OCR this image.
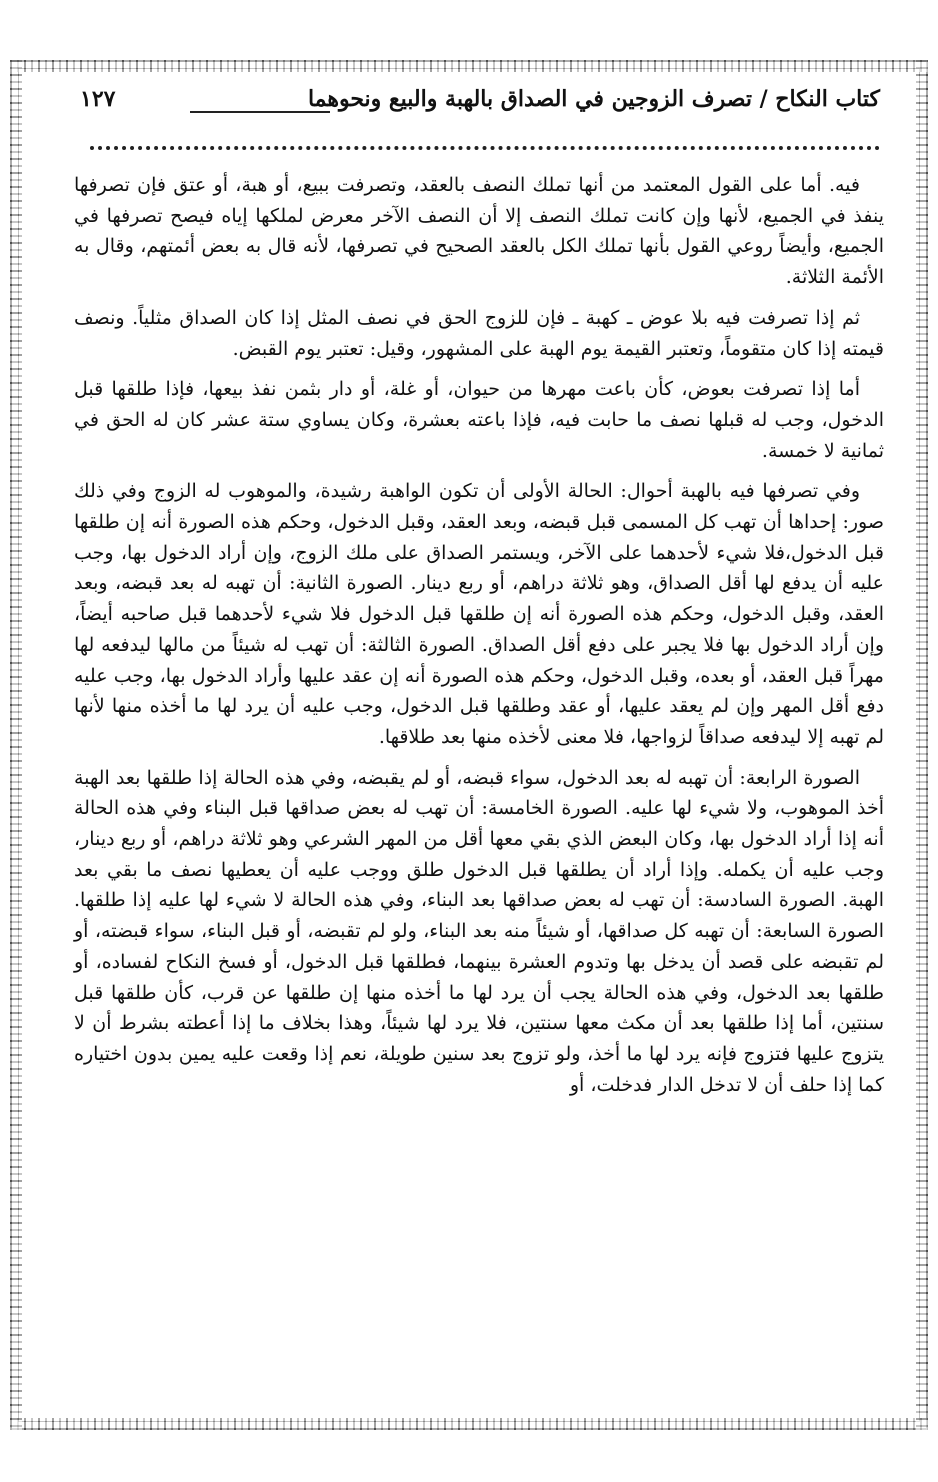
كتاب النكاح / تصرف الزوجين في الصداق بالهبة والبيع ونحوهما
١٢٧

فيه. أما على القول المعتمد من أنها تملك النصف بالعقد، وتصرفت ببيع، أو هبة، أو عتق فإن تصرفها ينفذ في الجميع، لأنها وإن كانت تملك النصف إلا أن النصف الآخر معرض لملكها إياه فيصح تصرفها في الجميع، وأيضاً روعي القول بأنها تملك الكل بالعقد الصحيح في تصرفها، لأنه قال به بعض أئمتهم، وقال به الأئمة الثلاثة.

ثم إذا تصرفت فيه بلا عوض ـ كهبة ـ فإن للزوج الحق في نصف المثل إذا كان الصداق مثلياً. ونصف قيمته إذا كان متقوماً، وتعتبر القيمة يوم الهبة على المشهور، وقيل: تعتبر يوم القبض.

أما إذا تصرفت بعوض، كأن باعت مهرها من حيوان، أو غلة، أو دار بثمن نفذ بيعها، فإذا طلقها قبل الدخول، وجب له قبلها نصف ما حابت فيه، فإذا باعته بعشرة، وكان يساوي ستة عشر كان له الحق في ثمانية لا خمسة.

وفي تصرفها فيه بالهبة أحوال: الحالة الأولى أن تكون الواهبة رشيدة، والموهوب له الزوج وفي ذلك صور: إحداها أن تهب كل المسمى قبل قبضه، وبعد العقد، وقبل الدخول، وحكم هذه الصورة أنه إن طلقها قبل الدخول،فلا شيء لأحدهما على الآخر، ويستمر الصداق على ملك الزوج، وإن أراد الدخول بها، وجب عليه أن يدفع لها أقل الصداق، وهو ثلاثة دراهم، أو ربع دينار. الصورة الثانية: أن تهبه له بعد قبضه، وبعد العقد، وقبل الدخول، وحكم هذه الصورة أنه إن طلقها قبل الدخول فلا شيء لأحدهما قبل صاحبه أيضاً، وإن أراد الدخول بها فلا يجبر على دفع أقل الصداق. الصورة الثالثة: أن تهب له شيئاً من مالها ليدفعه لها مهراً قبل العقد، أو بعده، وقبل الدخول، وحكم هذه الصورة أنه إن عقد عليها وأراد الدخول بها، وجب عليه دفع أقل المهر وإن لم يعقد عليها، أو عقد وطلقها قبل الدخول، وجب عليه أن يرد لها ما أخذه منها لأنها لم تهبه إلا ليدفعه صداقاً لزواجها، فلا معنى لأخذه منها بعد طلاقها.

الصورة الرابعة: أن تهبه له بعد الدخول، سواء قبضه، أو لم يقبضه، وفي هذه الحالة إذا طلقها بعد الهبة أخذ الموهوب، ولا شيء لها عليه. الصورة الخامسة: أن تهب له بعض صداقها قبل البناء وفي هذه الحالة أنه إذا أراد الدخول بها، وكان البعض الذي بقي معها أقل من المهر الشرعي وهو ثلاثة دراهم، أو ربع دينار، وجب عليه أن يكمله. وإذا أراد أن يطلقها قبل الدخول طلق ووجب عليه أن يعطيها نصف ما بقي بعد الهبة. الصورة السادسة: أن تهب له بعض صداقها بعد البناء، وفي هذه الحالة لا شيء لها عليه إذا طلقها. الصورة السابعة: أن تهبه كل صداقها، أو شيئاً منه بعد البناء، ولو لم تقبضه، أو قبل البناء، سواء قبضته، أو لم تقبضه على قصد أن يدخل بها وتدوم العشرة بينهما، فطلقها قبل الدخول، أو فسخ النكاح لفساده، أو طلقها بعد الدخول، وفي هذه الحالة يجب أن يرد لها ما أخذه منها إن طلقها عن قرب، كأن طلقها قبل سنتين، أما إذا طلقها بعد أن مكث معها سنتين، فلا يرد لها شيئاً، وهذا بخلاف ما إذا أعطته بشرط أن لا يتزوج عليها فتزوج فإنه يرد لها ما أخذ، ولو تزوج بعد سنين طويلة، نعم إذا وقعت عليه يمين بدون اختياره كما إذا حلف أن لا تدخل الدار فدخلت، أو
